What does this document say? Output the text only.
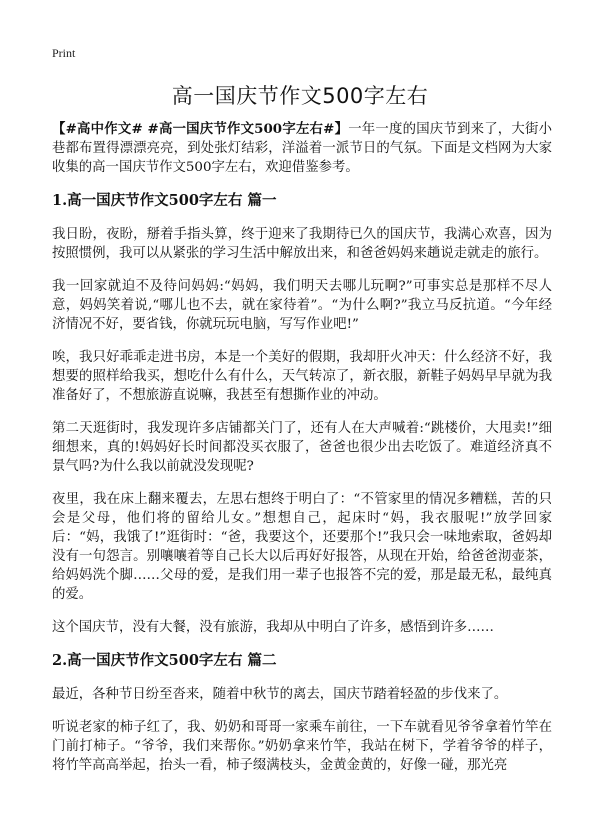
Print
高一国庆节作文500字左右

【#高中作文# #高一国庆节作文500字左右#】一年一度的国庆节到来了，大街小巷都布置得漂漂亮亮，到处张灯结彩，洋溢着一派节日的气氛。下面是文档网为大家收集的高一国庆节作文500字左右，欢迎借鉴参考。

1.高一国庆节作文500字左右 篇一

我日盼，夜盼，掰着手指头算，终于迎来了我期待已久的国庆节，我满心欢喜，因为按照惯例，我可以从紧张的学习生活中解放出来，和爸爸妈妈来趟说走就走的旅行。

我一回家就迫不及待问妈妈:“妈妈，我们明天去哪儿玩啊?”可事实总是那样不尽人意，妈妈笑着说,“哪儿也不去，就在家待着”。“为什么啊?”我立马反抗道。“今年经济情况不好，要省钱，你就玩玩电脑，写写作业吧!”

唉，我只好乖乖走进书房，本是一个美好的假期，我却肝火冲天：什么经济不好，我想要的照样给我买，想吃什么有什么，天气转凉了，新衣服，新鞋子妈妈早早就为我准备好了，不想旅游直说嘛，我甚至有想撕作业的冲动。

第二天逛街时，我发现许多店铺都关门了，还有人在大声喊着:“跳楼价，大甩卖!”细细想来，真的!妈妈好长时间都没买衣服了，爸爸也很少出去吃饭了。难道经济真不景气吗?为什么我以前就没发现呢?

夜里，我在床上翻来覆去，左思右想终于明白了：“不管家里的情况多糟糕，苦的只会是父母，他们将的留给儿女。”想想自己，起床时“妈，我衣服呢!”放学回家后：“妈，我饿了!”逛街时：“爸，我要这个，还要那个!”我只会一味地索取，爸妈却没有一句怨言。别嚷嚷着等自己长大以后再好好报答，从现在开始，给爸爸沏壶茶，给妈妈洗个脚……父母的爱，是我们用一辈子也报答不完的爱，那是最无私，最纯真的爱。

这个国庆节，没有大餐，没有旅游，我却从中明白了许多，感悟到许多……

2.高一国庆节作文500字左右 篇二

最近，各种节日纷至沓来，随着中秋节的离去，国庆节踏着轻盈的步伐来了。

听说老家的柿子红了，我、奶奶和哥哥一家乘车前往，一下车就看见爷爷拿着竹竿在门前打柿子。“爷爷，我们来帮你。”奶奶拿来竹竿，我站在树下，学着爷爷的样子，将竹竿高高举起，抬头一看，柿子缀满枝头，金黄金黄的，好像一碰，那光亮
